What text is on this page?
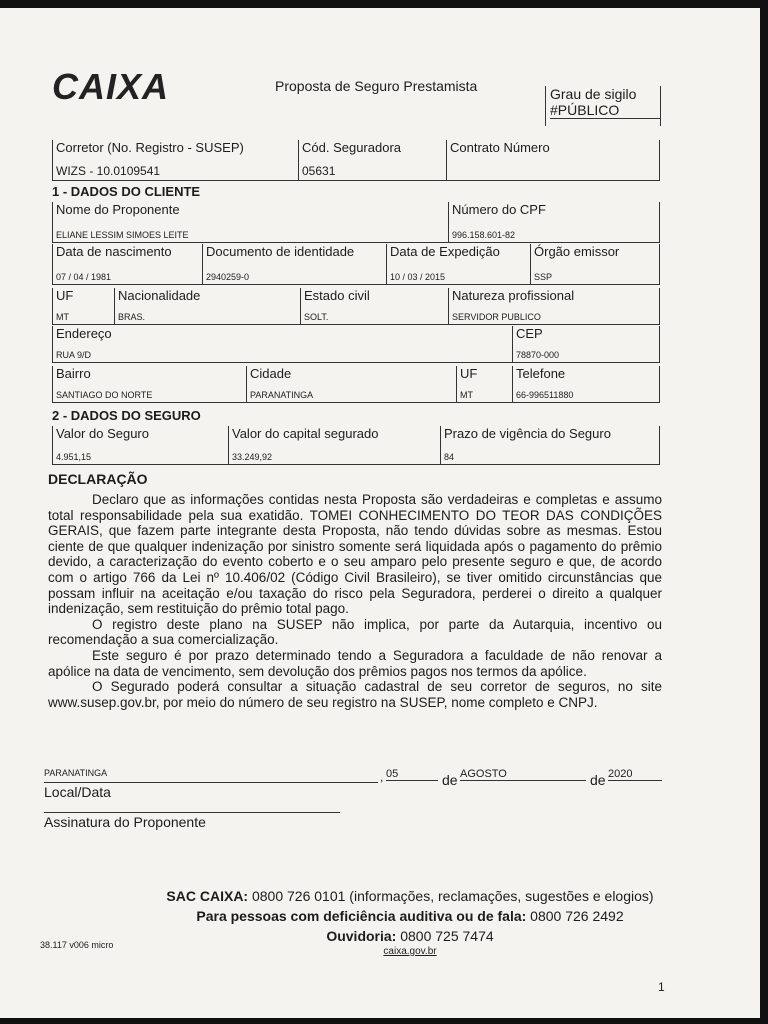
CAIXA	Proposta de Seguro Prestamista	Grau de sigilo
#PÚBLICO
Corretor (No. Registro - SUSEP)
WIZS - 10.0109541
Cód. Seguradora
05631
Contrato Número
1 - DADOS DO CLIENTE
Nome do Proponente
ELIANE LESSIM SIMOES LEITE
Número do CPF
996.158.601-82
Data de nascimento
07 / 04 / 1981
Documento de identidade
2940259-0
Data de Expedição
10 / 03 / 2015
Órgão emissor
SSP
UF
MT
Nacionalidade
BRAS.
Estado civil
SOLT.
Natureza profissional
SERVIDOR PUBLICO
Endereço
RUA 9/D
CEP
78870-000
Bairro
SANTIAGO DO NORTE
Cidade
PARANATINGA
UF
MT
Telefone
66-996511880
2 - DADOS DO SEGURO
Valor do Seguro
4.951,15
Valor do capital segurado
33.249,92
Prazo de vigência do Seguro
84
DECLARAÇÃO

Declaro que as informações contidas nesta Proposta são verdadeiras e completas e assumo total responsabilidade pela sua exatidão. TOMEI CONHECIMENTO DO TEOR DAS CONDIÇÕES GERAIS, que fazem parte integrante desta Proposta, não tendo dúvidas sobre as mesmas. Estou ciente de que qualquer indenização por sinistro somente será liquidada após o pagamento do prêmio devido, a caracterização do evento coberto e o seu amparo pelo presente seguro e que, de acordo com o artigo 766 da Lei nº 10.406/02 (Código Civil Brasileiro), se tiver omitido circunstâncias que possam influir na aceitação e/ou taxação do risco pela Seguradora, perderei o direito a qualquer indenização, sem restituição do prêmio total pago.

O registro deste plano na SUSEP não implica, por parte da Autarquia, incentivo ou recomendação a sua comercialização.

Este seguro é por prazo determinado tendo a Seguradora a faculdade de não renovar a apólice na data de vencimento, sem devolução dos prêmios pagos nos termos da apólice.

O Segurado poderá consultar a situação cadastral de seu corretor de seguros, no site www.susep.gov.br, por meio do número de seu registro na SUSEP, nome completo e CNPJ.

PARANATINGA	, 05	de AGOSTO	de 2020
Local/Data
Assinatura do Proponente
SAC CAIXA: 0800 726 0101 (informações, reclamações, sugestões e elogios)
Para pessoas com deficiência auditiva ou de fala: 0800 726 2492
Ouvidoria: 0800 725 7474
caixa.gov.br
38.117 v006 micro
1
